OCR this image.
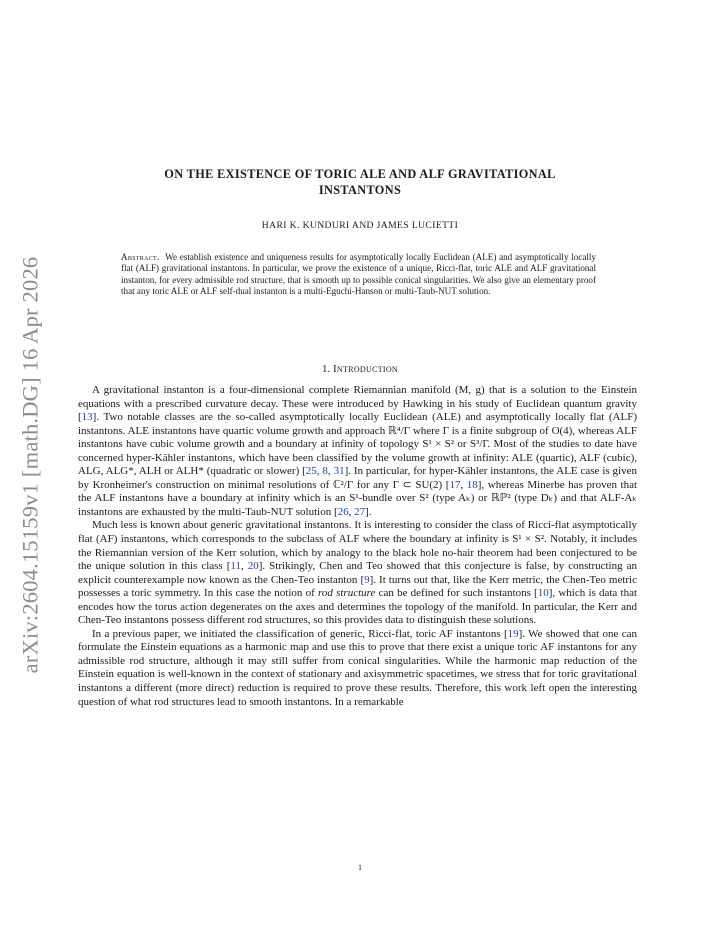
arXiv:2604.15159v1 [math.DG] 16 Apr 2026
ON THE EXISTENCE OF TORIC ALE AND ALF GRAVITATIONAL
INSTANTONS
HARI K. KUNDURI AND JAMES LUCIETTI
Abstract. We establish existence and uniqueness results for asymptotically locally Euclidean (ALE) and asymptotically locally flat (ALF) gravitational instantons. In particular, we prove the existence of a unique, Ricci-flat, toric ALE and ALF gravitational instanton, for every admissible rod structure, that is smooth up to possible conical singularities. We also give an elementary proof that any toric ALE or ALF self-dual instanton is a multi-Eguchi-Hanson or multi-Taub-NUT solution.
1. Introduction

A gravitational instanton is a four-dimensional complete Riemannian manifold (M, g) that is a solution to the Einstein equations with a prescribed curvature decay. These were introduced by Hawking in his study of Euclidean quantum gravity [13]. Two notable classes are the so-called asymptotically locally Euclidean (ALE) and asymptotically locally flat (ALF) instantons. ALE instantons have quartic volume growth and approach ℝ⁴/Γ where Γ is a finite subgroup of O(4), whereas ALF instantons have cubic volume growth and a boundary at infinity of topology S¹ × S² or S³/Γ. Most of the studies to date have concerned hyper-Kähler instantons, which have been classified by the volume growth at infinity: ALE (quartic), ALF (cubic), ALG, ALG*, ALH or ALH* (quadratic or slower) [25, 8, 31]. In particular, for hyper-Kähler instantons, the ALE case is given by Kronheimer's construction on minimal resolutions of ℂ²/Γ for any Γ ⊂ SU(2) [17, 18], whereas Minerbe has proven that the ALF instantons have a boundary at infinity which is an S¹-bundle over S² (type Aₖ) or ℝℙ² (type Dₖ) and that ALF-Aₖ instantons are exhausted by the multi-Taub-NUT solution [26, 27].

Much less is known about generic gravitational instantons. It is interesting to consider the class of Ricci-flat asymptotically flat (AF) instantons, which corresponds to the subclass of ALF where the boundary at infinity is S¹ × S². Notably, it includes the Riemannian version of the Kerr solution, which by analogy to the black hole no-hair theorem had been conjectured to be the unique solution in this class [11, 20]. Strikingly, Chen and Teo showed that this conjecture is false, by constructing an explicit counterexample now known as the Chen-Teo instanton [9]. It turns out that, like the Kerr metric, the Chen-Teo metric possesses a toric symmetry. In this case the notion of rod structure can be defined for such instantons [10], which is data that encodes how the torus action degenerates on the axes and determines the topology of the manifold. In particular, the Kerr and Chen-Teo instantons possess different rod structures, so this provides data to distinguish these solutions.

In a previous paper, we initiated the classification of generic, Ricci-flat, toric AF instantons [19]. We showed that one can formulate the Einstein equations as a harmonic map and use this to prove that there exist a unique toric AF instantons for any admissible rod structure, although it may still suffer from conical singularities. While the harmonic map reduction of the Einstein equation is well-known in the context of stationary and axisymmetric spacetimes, we stress that for toric gravitational instantons a different (more direct) reduction is required to prove these results. Therefore, this work left open the interesting question of what rod structures lead to smooth instantons. In a remarkable

1
